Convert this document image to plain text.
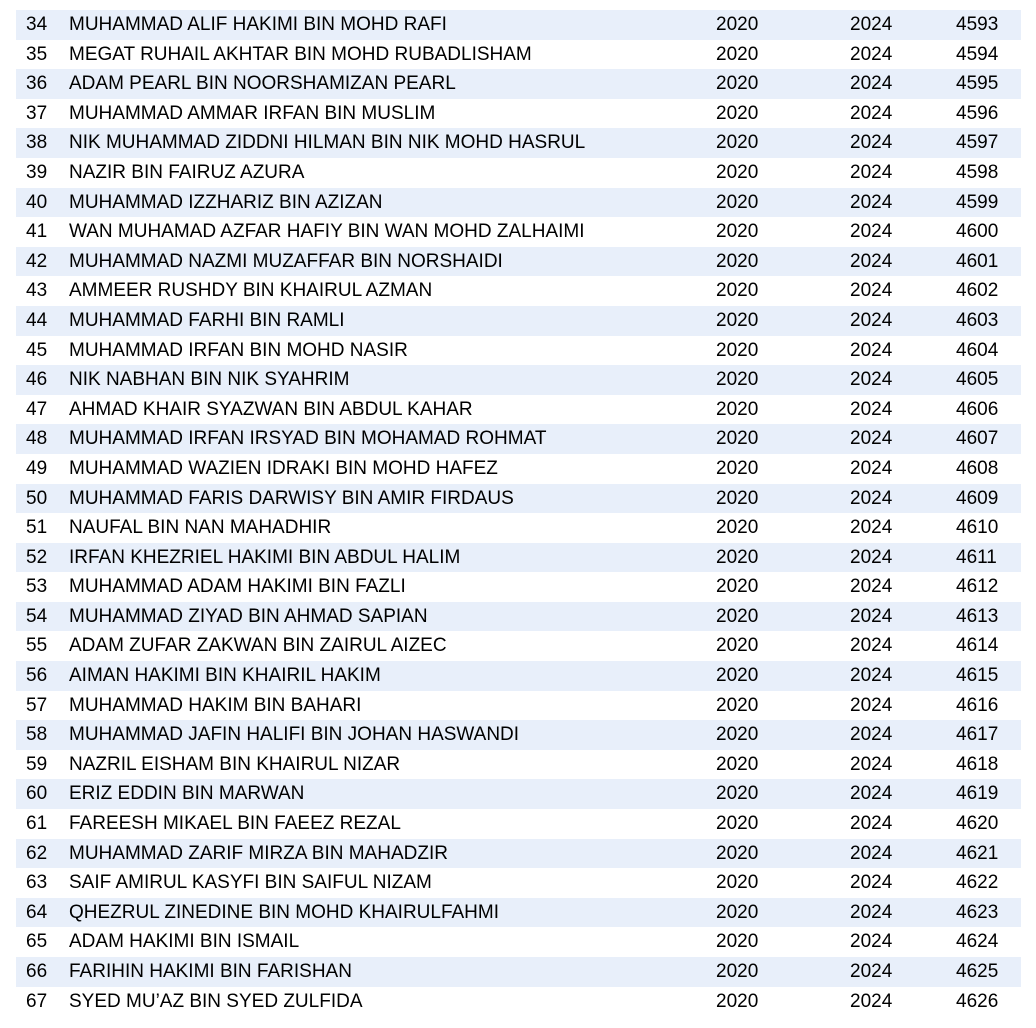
34	MUHAMMAD ALIF HAKIMI BIN MOHD RAFI	2020	2024	4593
35	MEGAT RUHAIL AKHTAR BIN MOHD RUBADLISHAM	2020	2024	4594
36	ADAM PEARL BIN NOORSHAMIZAN PEARL	2020	2024	4595
37	MUHAMMAD AMMAR IRFAN BIN MUSLIM	2020	2024	4596
38	NIK MUHAMMAD ZIDDNI HILMAN BIN NIK MOHD HASRUL	2020	2024	4597
39	NAZIR BIN FAIRUZ AZURA	2020	2024	4598
40	MUHAMMAD IZZHARIZ BIN AZIZAN	2020	2024	4599
41	WAN MUHAMAD AZFAR HAFIY BIN WAN MOHD ZALHAIMI	2020	2024	4600
42	MUHAMMAD NAZMI MUZAFFAR BIN NORSHAIDI	2020	2024	4601
43	AMMEER RUSHDY BIN KHAIRUL AZMAN	2020	2024	4602
44	MUHAMMAD FARHI BIN RAMLI	2020	2024	4603
45	MUHAMMAD IRFAN BIN MOHD NASIR	2020	2024	4604
46	NIK NABHAN BIN NIK SYAHRIM	2020	2024	4605
47	AHMAD KHAIR SYAZWAN BIN ABDUL KAHAR	2020	2024	4606
48	MUHAMMAD IRFAN IRSYAD BIN MOHAMAD ROHMAT	2020	2024	4607
49	MUHAMMAD WAZIEN IDRAKI BIN MOHD HAFEZ	2020	2024	4608
50	MUHAMMAD FARIS DARWISY BIN AMIR FIRDAUS	2020	2024	4609
51	NAUFAL BIN NAN MAHADHIR	2020	2024	4610
52	IRFAN KHEZRIEL HAKIMI BIN ABDUL HALIM	2020	2024	4611
53	MUHAMMAD ADAM HAKIMI BIN FAZLI	2020	2024	4612
54	MUHAMMAD ZIYAD BIN AHMAD SAPIAN	2020	2024	4613
55	ADAM ZUFAR ZAKWAN BIN ZAIRUL AIZEC	2020	2024	4614
56	AIMAN HAKIMI BIN KHAIRIL HAKIM	2020	2024	4615
57	MUHAMMAD HAKIM BIN BAHARI	2020	2024	4616
58	MUHAMMAD JAFIN HALIFI BIN JOHAN HASWANDI	2020	2024	4617
59	NAZRIL EISHAM BIN KHAIRUL NIZAR	2020	2024	4618
60	ERIZ EDDIN BIN MARWAN	2020	2024	4619
61	FAREESH MIKAEL BIN FAEEZ REZAL	2020	2024	4620
62	MUHAMMAD ZARIF MIRZA BIN MAHADZIR	2020	2024	4621
63	SAIF AMIRUL KASYFI BIN SAIFUL NIZAM	2020	2024	4622
64	QHEZRUL ZINEDINE BIN MOHD KHAIRULFAHMI	2020	2024	4623
65	ADAM HAKIMI BIN ISMAIL	2020	2024	4624
66	FARIHIN HAKIMI BIN FARISHAN	2020	2024	4625
67	SYED MU’AZ BIN SYED ZULFIDA	2020	2024	4626
